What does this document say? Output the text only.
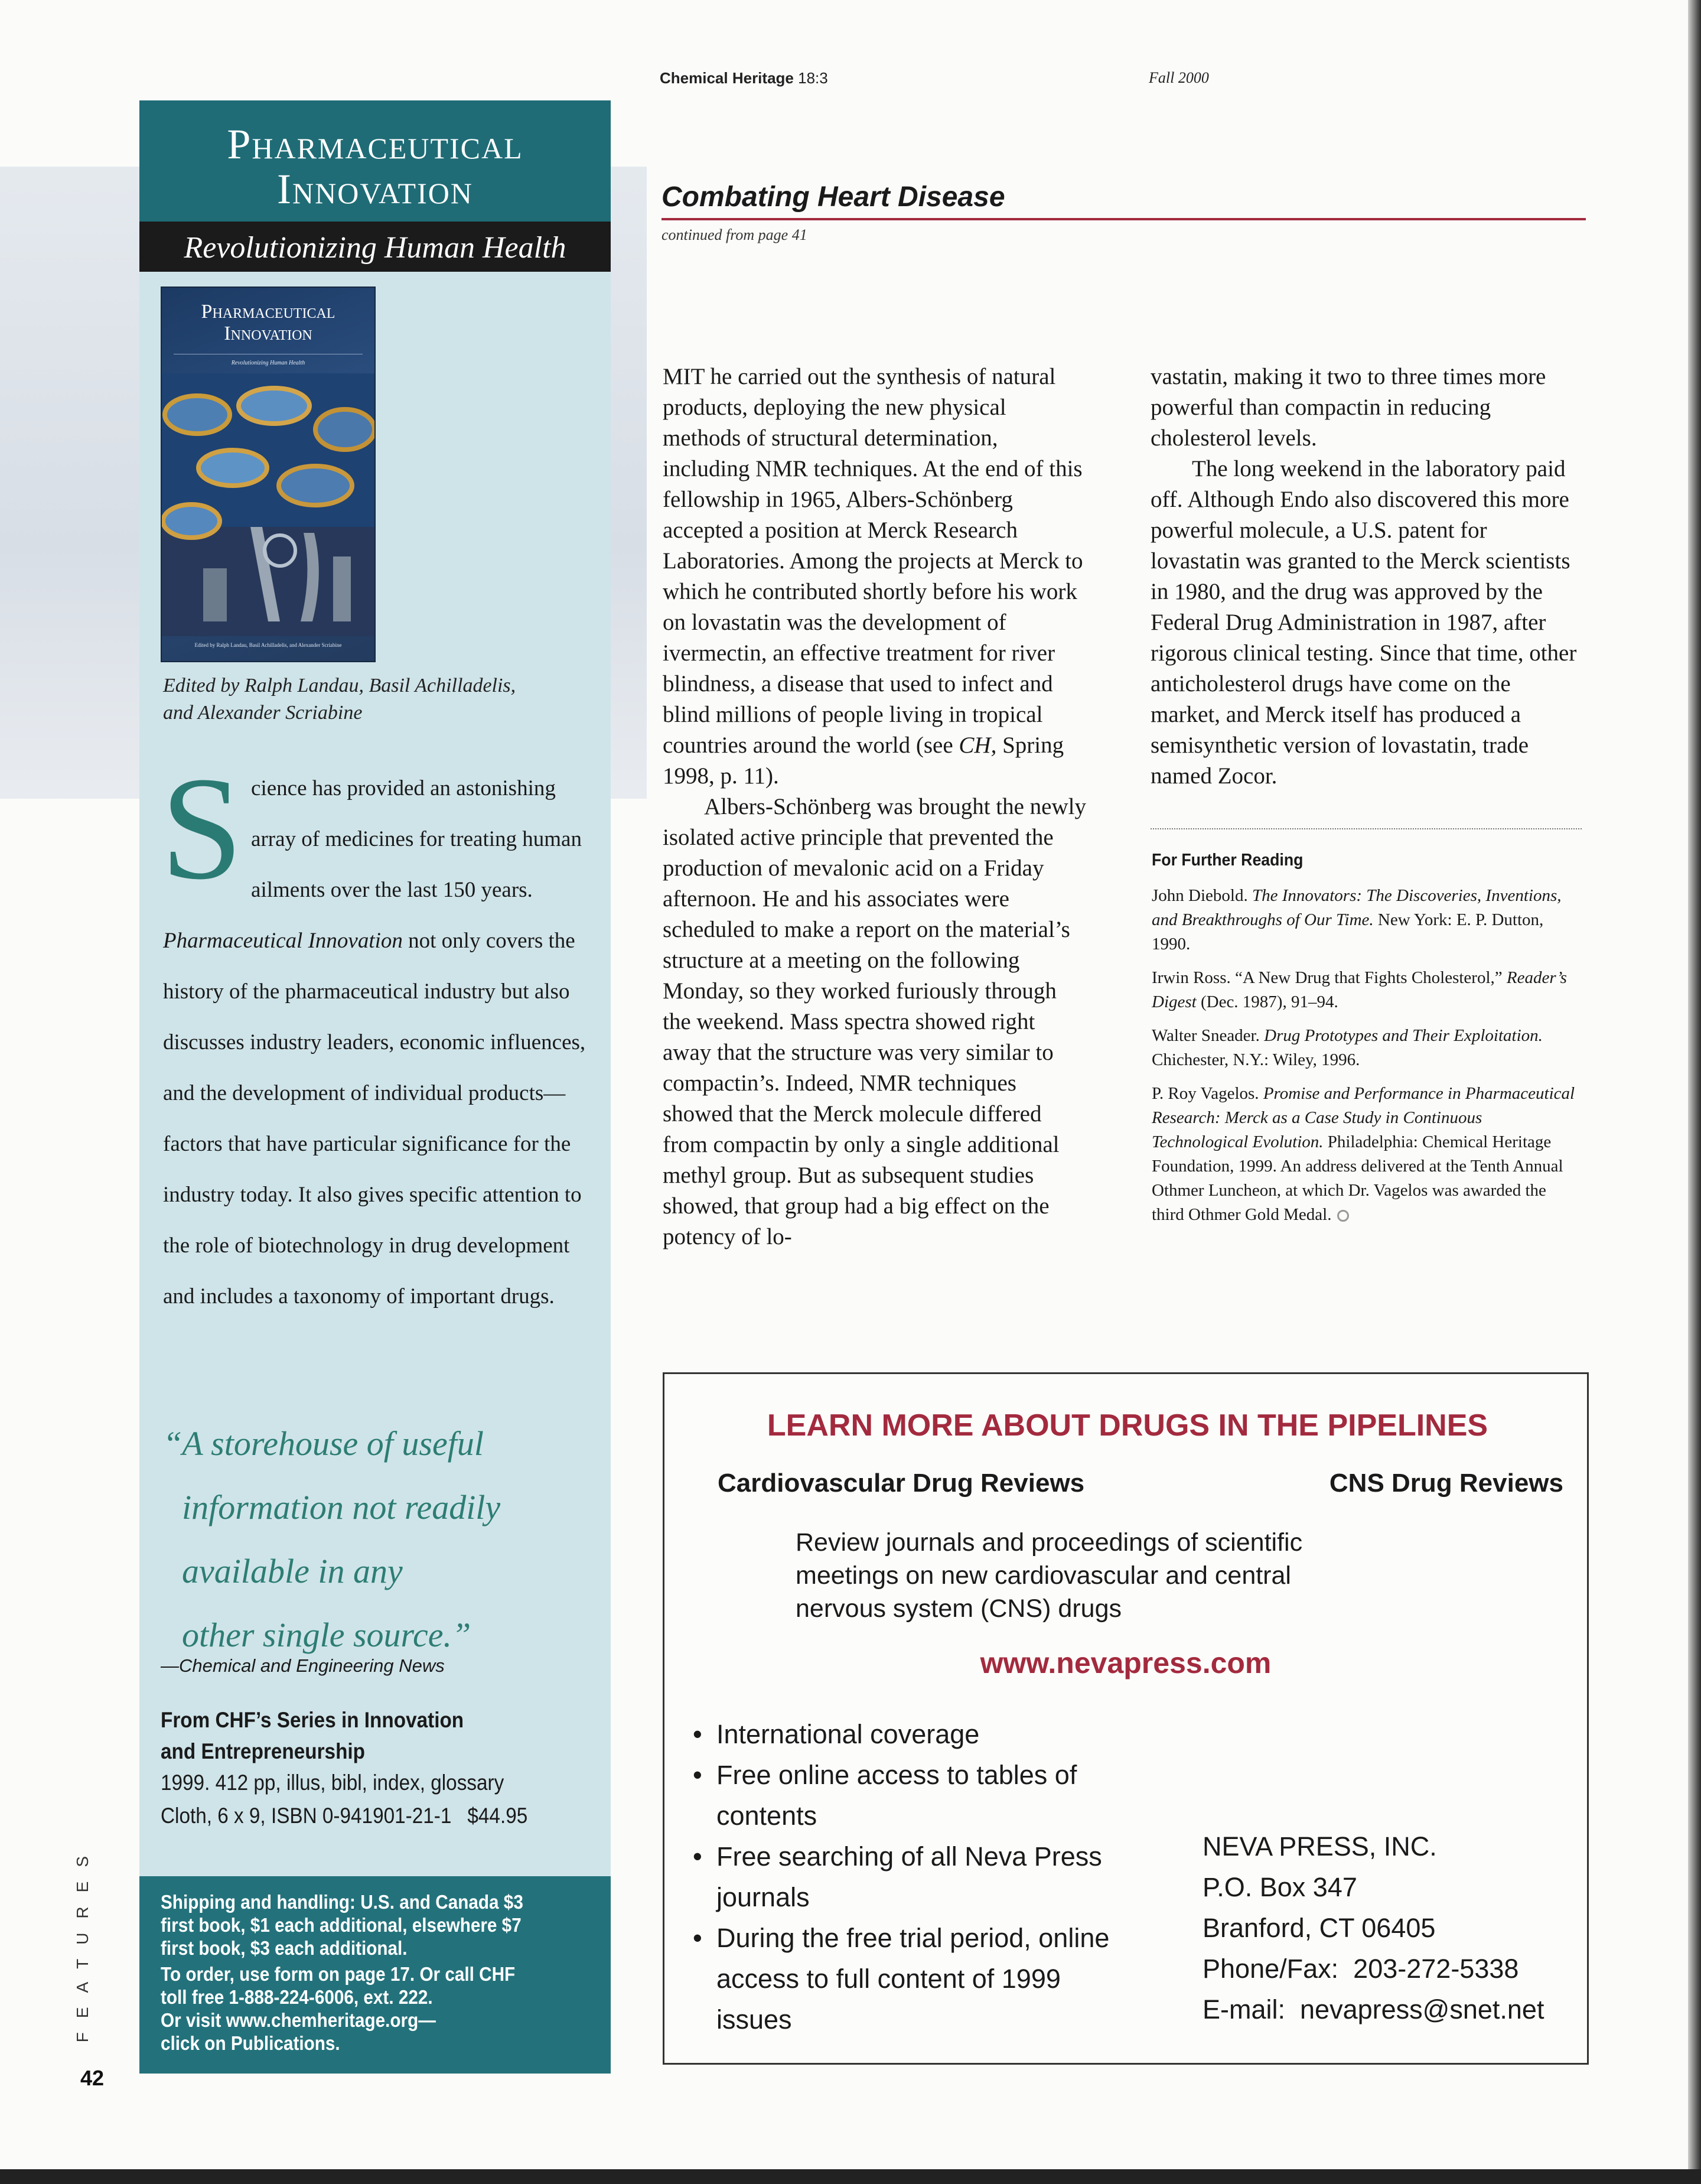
Chemical Heritage 18:3	Fall 2000
Pharmaceutical
Innovation
Revolutionizing Human Health
Pharmaceutical
Innovation
Revolutionizing Human Health
Edited by Ralph Landau, Basil Achilladelis, and Alexander Scriabine
Edited by Ralph Landau, Basil Achilladelis,
and Alexander Scriabine
Science has provided an astonishing array of medicines for treating human ailments over the last 150 years. Pharmaceutical Innovation not only covers the history of the pharmaceutical industry but also discusses industry leaders, economic influences, and the development of individual products—factors that have particular significance for the industry today. It also gives specific attention to the role of biotechnology in drug development and includes a taxonomy of important drugs.
“A storehouse of useful
information not readily
available in any
other single source.”
—Chemical and Engineering News
From CHF’s Series in Innovation
and Entrepreneurship
1999. 412 pp, illus, bibl, index, glossary
Cloth, 6 x 9, ISBN 0-941901-21-1 $44.95
Shipping and handling: U.S. and Canada $3
first book, $1 each additional, elsewhere $7
first book, $3 each additional.
To order, use form on page 17. Or call CHF
toll free 1-888-224-6006, ext. 222.
Or visit www.chemheritage.org—
click on Publications.
FEATURES
42
Combating Heart Disease
continued from page 41

MIT he carried out the synthesis of natural products, deploying the new physical methods of structural determination, including NMR techniques. At the end of this fellowship in 1965, Albers-Schönberg accepted a position at Merck Research Laboratories. Among the projects at Merck to which he contributed shortly before his work on lovastatin was the development of ivermectin, an effective treatment for river blindness, a disease that used to infect and blind millions of people living in tropical countries around the world (see CH, Spring 1998, p. 11).

Albers-Schönberg was brought the newly isolated active principle that prevented the production of mevalonic acid on a Friday afternoon. He and his associates were scheduled to make a report on the material’s structure at a meeting on the following Monday, so they worked furiously through the weekend. Mass spectra showed right away that the structure was very similar to compactin’s. Indeed, NMR techniques showed that the Merck molecule differed from compactin by only a single additional methyl group. But as subsequent studies showed, that group had a big effect on the potency of lo-

vastatin, making it two to three times more powerful than compactin in reducing cholesterol levels.

The long weekend in the laboratory paid off. Although Endo also discovered this more powerful molecule, a U.S. patent for lovastatin was granted to the Merck scientists in 1980, and the drug was approved by the Federal Drug Administration in 1987, after rigorous clinical testing. Since that time, other anticholesterol drugs have come on the market, and Merck itself has produced a semisynthetic version of lovastatin, trade named Zocor.

For Further Reading

John Diebold. The Innovators: The Discoveries, Inventions, and Breakthroughs of Our Time. New York: E. P. Dutton, 1990.

Irwin Ross. “A New Drug that Fights Cholesterol,” Reader’s Digest (Dec. 1987), 91–94.

Walter Sneader. Drug Prototypes and Their Exploitation. Chichester, N.Y.: Wiley, 1996.

P. Roy Vagelos. Promise and Performance in Pharmaceutical Research: Merck as a Case Study in Continuous Technological Evolution. Philadelphia: Chemical Heritage Foundation, 1999. An address delivered at the Tenth Annual Othmer Luncheon, at which Dr. Vagelos was awarded the third Othmer Gold Medal.

LEARN MORE ABOUT DRUGS IN THE PIPELINES
Cardiovascular Drug Reviews	CNS Drug Reviews
Review journals and proceedings of scientific
meetings on new cardiovascular and central
nervous system (CNS) drugs
www.nevapress.com
• International coverage
• Free online access to tables of contents
• Free searching of all Neva Press journals
• During the free trial period, online access to full content of 1999 issues
NEVA PRESS, INC.
P.O. Box 347
Branford, CT 06405
Phone/Fax: 203-272-5338
E-mail: nevapress@snet.net
